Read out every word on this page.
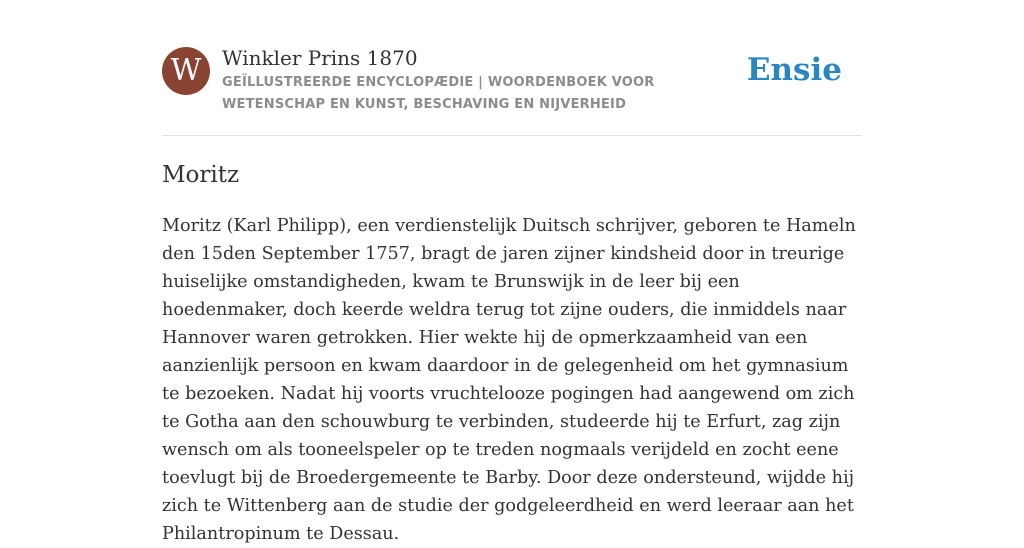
W	Winkler Prins 1870
GEÏLLUSTREERDE ENCYCLOPÆDIE | WOORDENBOEK VOOR WETENSCHAP EN KUNST, BESCHAVING EN NIJVERHEID
Ensie
Moritz

Moritz (Karl Philipp), een verdienstelijk Duitsch schrijver, geboren te Hameln den 15den September 1757, bragt de jaren zijner kindsheid door in treurige huiselijke omstandigheden, kwam te Brunswijk in de leer bij een hoedenmaker, doch keerde weldra terug tot zijne ouders, die inmiddels naar Hannover waren getrokken. Hier wekte hij de opmerkzaamheid van een aanzienlijk persoon en kwam daardoor in de gelegenheid om het gymnasium te bezoeken. Nadat hij voorts vruchtelooze pogingen had aangewend om zich te Gotha aan den schouwburg te verbinden, studeerde hij te Erfurt, zag zijn wensch om als tooneelspeler op te treden nogmaals verijdeld en zocht eene toevlugt bij de Broedergemeente te Barby. Door deze ondersteund, wijdde hij zich te Wittenberg aan de studie der godgeleerdheid en werd leeraar aan het Philantropinum te Dessau.
